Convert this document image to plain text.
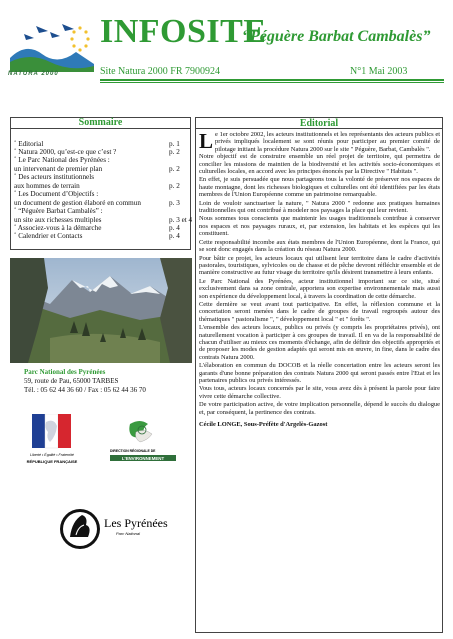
NATURA 2000
INFOSITE
“Péguère Barbat Cambalès”
Site Natura 2000 FR 7900924	N°1 Mai 2003
Sommaire
˚ Editorial	p. 1
˚ Natura 2000, qu’est-ce que c’est ?	p. 2
˚ Le Parc National des Pyrénées :
un intervenant de premier plan	p. 2
˚ Des acteurs institutionnels
aux hommes de terrain	p. 2
˚ Les Document d’Objectifs :
un document de gestion élaboré en commun	p. 3
˚ “Péguère Barbat Cambalès” :
un site aux richesses multiples	p. 3 et 4
˚ Associez-vous à la démarche	p. 4
˚ Calendrier et Contacts	p. 4
Parc National des Pyrénées
59, route de Pau, 65000 TARBES
Tél. : 05 62 44 36 60 / Fax : 05 62 44 36 70
Liberté • Égalité • Fraternité
RÉPUBLIQUE FRANÇAISE
DIRECTION RÉGIONALE DE
L'ENVIRONNEMENT
Les Pyrénées
Parc National
Editorial
L e 1er octobre 2002, les acteurs institutionnels et les représentants des acteurs publics et privés impliqués localement se sont réunis pour participer au premier comité de pilotage initiant la procédure Natura 2000 sur le site " Péguère, Barbat, Cambalès ".

Notre objectif est de construire ensemble un réel projet de territoire, qui permettra de concilier les missions de maintien de la biodiversité et les activités socio-économiques et culturelles locales, en accord avec les principes énoncés par la Directive " Habitats ".

En effet, je suis persuadée que nous partageons tous la volonté de préserver nos espaces de haute montagne, dont les richesses biologiques et culturelles ont été identifiées par les états membres de l'Union Européenne comme un patrimoine remarquable.

Loin de vouloir sanctuariser la nature, " Natura 2000 " redonne aux pratiques humaines traditionnelles qui ont contribué à modeler nos paysages la place qui leur revient.

Nous sommes tous conscients que maintenir les usages traditionnels contribue à conserver nos espaces et nos paysages ruraux, et, par extension, les habitats et les espèces qui les constituent.

Cette responsabilité incombe aux états membres de l'Union Européenne, dont la France, qui se sont donc engagés dans la création du réseau Natura 2000.

Pour bâtir ce projet, les acteurs locaux qui utilisent leur territoire dans le cadre d'activités pastorales, touristiques, sylvicoles ou de chasse et de pêche devront réfléchir ensemble et de manière constructive au futur visage du territoire qu'ils désirent transmettre à leurs enfants.

Le Parc National des Pyrénées, acteur institutionnel important sur ce site, situé exclusivement dans sa zone centrale, apportera son expertise environnementale mais aussi son expérience du développement local, à travers la coordination de cette démarche.

Cette dernière se veut avant tout participative. En effet, la réflexion commune et la concertation seront menées dans le cadre de groupes de travail regroupés autour des thématiques " pastoralisme ", " développement local " et " forêts ".

L'ensemble des acteurs locaux, publics ou privés (y compris les propriétaires privés), ont naturellement vocation à participer à ces groupes de travail. Il en va de la responsabilité de chacun d'utiliser au mieux ces moments d'échange, afin de définir des objectifs appropriés et de proposer les modes de gestion adaptés qui seront mis en œuvre, in fine, dans le cadre des contrats Natura 2000.

L'élaboration en commun du DOCOB et la réelle concertation entre les acteurs seront les garants d'une bonne préparation des contrats Natura 2000 qui seront passés entre l'Etat et les partenaires publics ou privés intéressés.

Vous tous, acteurs locaux concernés par le site, vous avez dès à présent la parole pour faire vivre cette démarche collective.

De votre participation active, de votre implication personnelle, dépend le succès du dialogue et, par conséquent, la pertinence des contrats.

Cécile LONGE, Sous-Préfète d'Argelès-Gazost
